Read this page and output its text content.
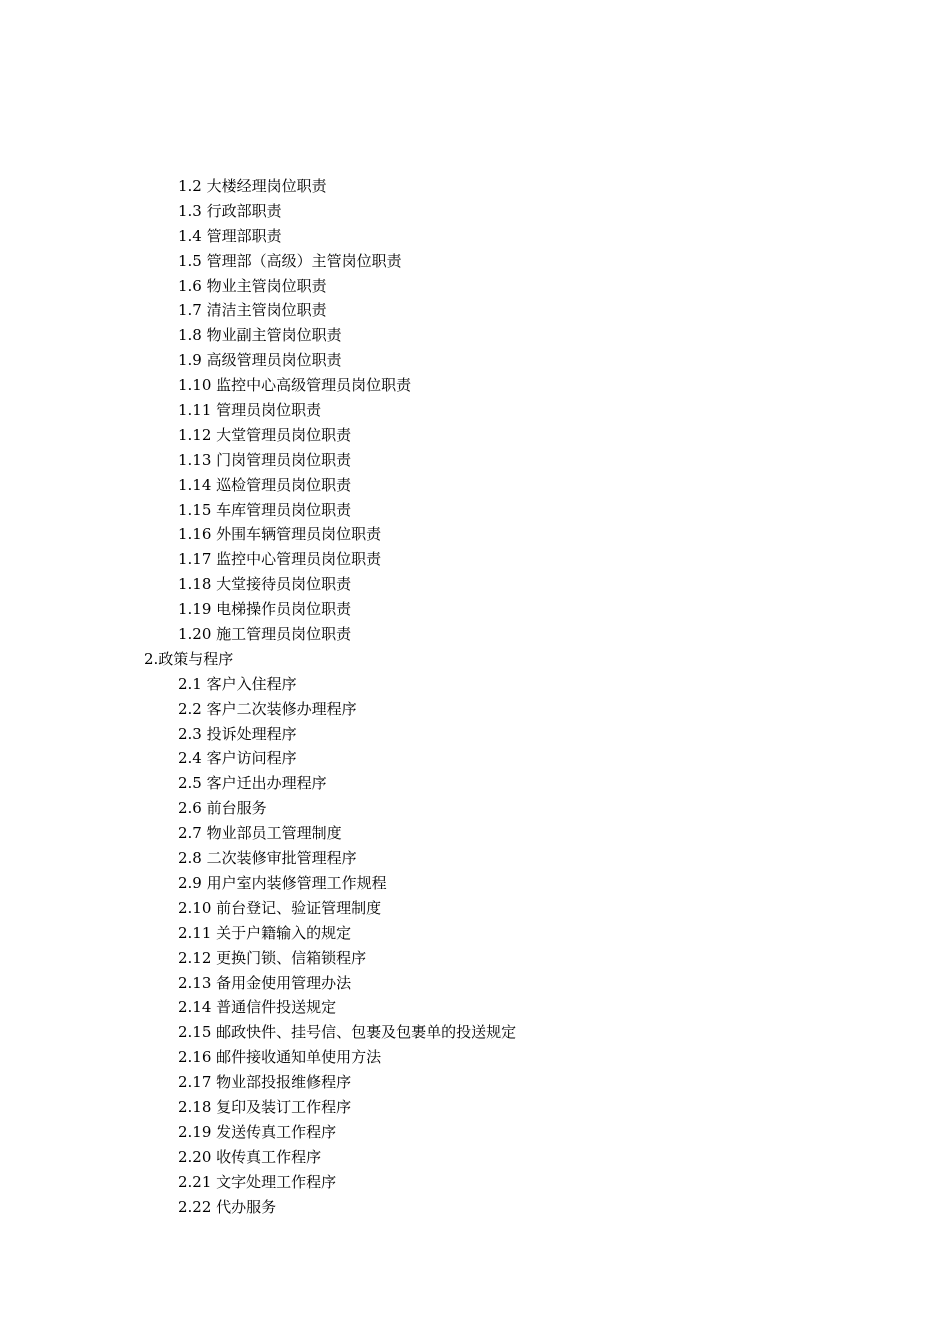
1.2 大楼经理岗位职责
1.3 行政部职责
1.4 管理部职责
1.5 管理部（高级）主管岗位职责
1.6 物业主管岗位职责
1.7 清洁主管岗位职责
1.8 物业副主管岗位职责
1.9 高级管理员岗位职责
1.10 监控中心高级管理员岗位职责
1.11 管理员岗位职责
1.12 大堂管理员岗位职责
1.13 门岗管理员岗位职责
1.14 巡检管理员岗位职责
1.15 车库管理员岗位职责
1.16 外围车辆管理员岗位职责
1.17 监控中心管理员岗位职责
1.18 大堂接待员岗位职责
1.19 电梯操作员岗位职责
1.20 施工管理员岗位职责
2.政策与程序
2.1 客户入住程序
2.2 客户二次装修办理程序
2.3 投诉处理程序
2.4 客户访问程序
2.5 客户迁出办理程序
2.6 前台服务
2.7 物业部员工管理制度
2.8 二次装修审批管理程序
2.9 用户室内装修管理工作规程
2.10 前台登记、验证管理制度
2.11 关于户籍输入的规定
2.12 更换门锁、信箱锁程序
2.13 备用金使用管理办法
2.14 普通信件投送规定
2.15 邮政快件、挂号信、包裹及包裹单的投送规定
2.16 邮件接收通知单使用方法
2.17 物业部投报维修程序
2.18 复印及装订工作程序
2.19 发送传真工作程序
2.20 收传真工作程序
2.21 文字处理工作程序
2.22 代办服务
